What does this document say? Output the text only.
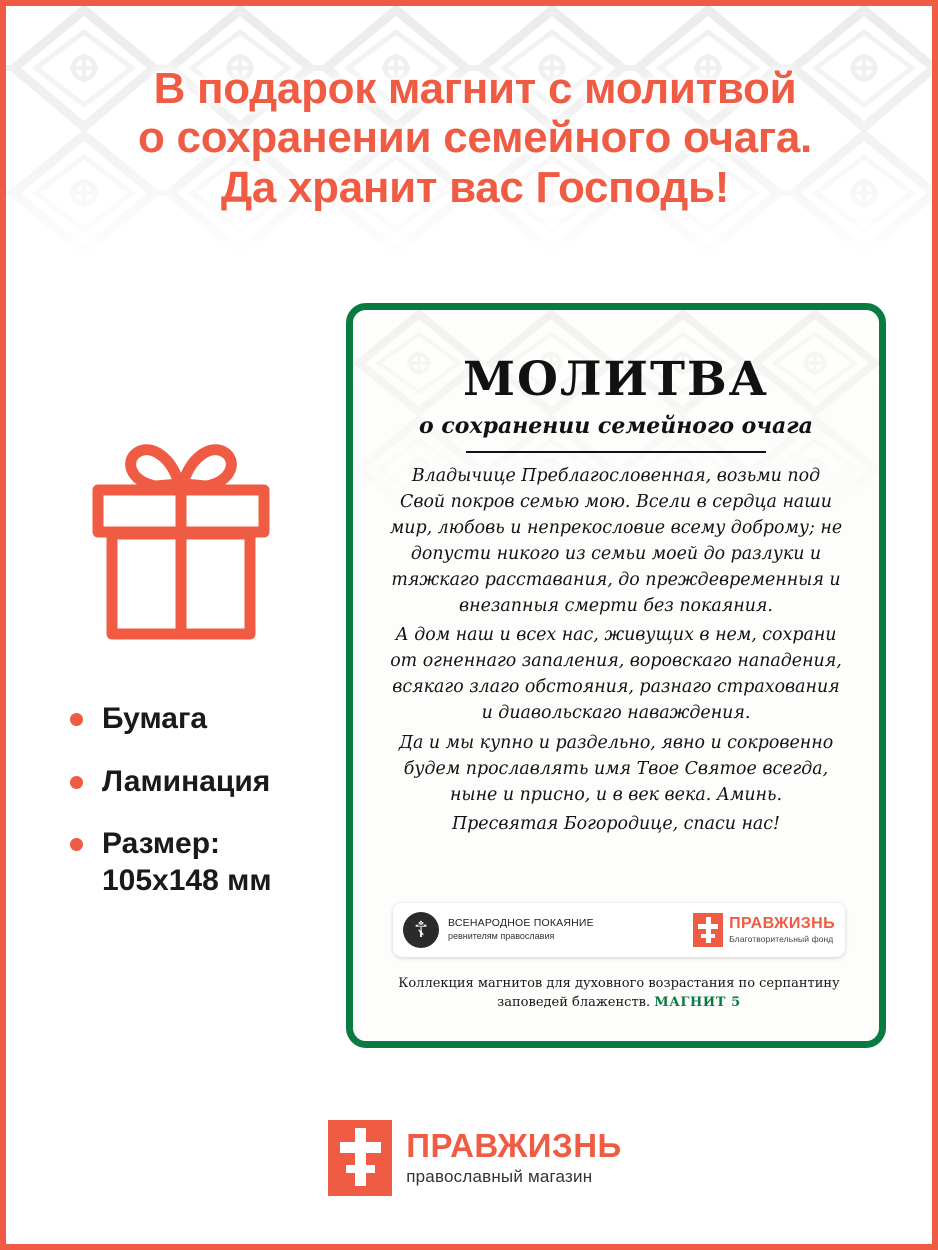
В подарок магнит с молитвой
о сохранении семейного очага.
Да хранит вас Господь!
Бумага
Ламинация
Размер:
105х148 мм
МОЛИТВА
о сохранении семейного очага

Владычице Преблагословенная, возьми под Свой покров семью мою. Всели в сердца наши мир, любовь и непрекословие всему доброму; не допусти никого из семьи моей до разлуки и тяжкаго расставания, до преждевременныя и внезапныя смерти без покаяния.

А дом наш и всех нас, живущих в нем, сохрани от огненнаго запаления, воровскаго нападения, всякаго злаго обстояния, разнаго страхования и диавольскаго наваждения.

Да и мы купно и раздельно, явно и сокровенно будем прославлять имя Твое Святое всегда, ныне и присно, и в век века. Аминь.

Пресвятая Богородице, спаси нас!

☦	ВСЕНАРОДНОЕ ПОКАЯНИЕ
ревнителям православия
ПРАВЖИЗНЬ
Благотворительный фонд
Коллекция магнитов для духовного возрастания по серпантину заповедей блаженств. МАГНИТ 5
ПРАВЖИЗНЬ
православный магазин
